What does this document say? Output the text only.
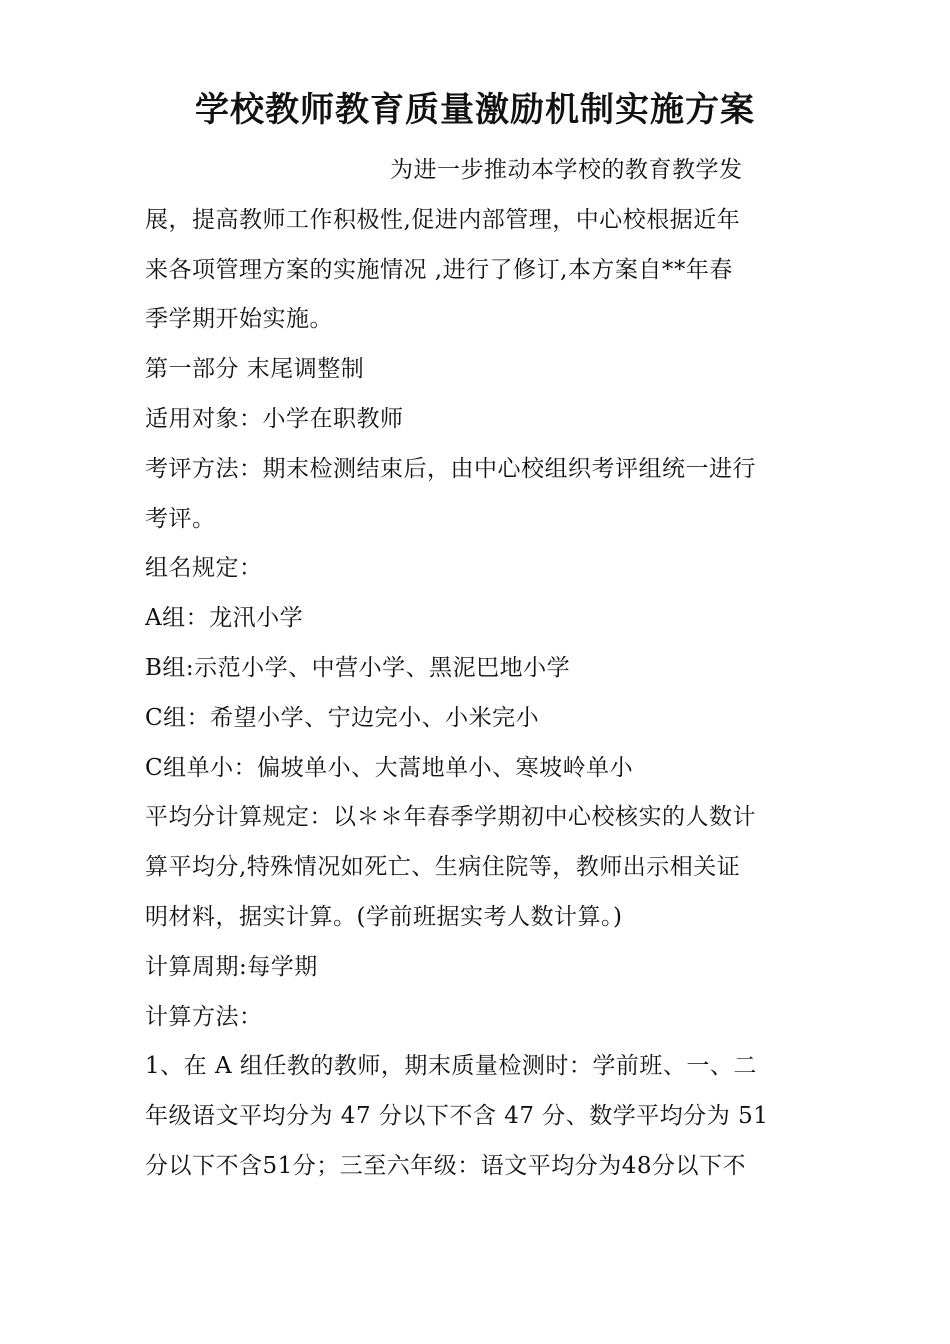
学校教师教育质量激励机制实施方案

为进一步推动本学校的教育教学发

展，提高教师工作积极性,促进内部管理，中心校根据近年

来各项管理方案的实施情况 ,进行了修订,本方案自**年春

季学期开始实施。

第一部分 末尾调整制

适用对象：小学在职教师

考评方法：期末检测结束后，由中心校组织考评组统一进行

考评。

组名规定：

A组：龙汛小学

B组:示范小学、中营小学、黑泥巴地小学

C组：希望小学、宁边完小、小米完小

C组单小：偏坡单小、大蒿地单小、寒坡岭单小

平均分计算规定：以＊＊年春季学期初中心校核实的人数计

算平均分,特殊情况如死亡、生病住院等，教师出示相关证

明材料，据实计算。(学前班据实考人数计算。)

计算周期:每学期

计算方法：

1、在 A 组任教的教师，期末质量检测时：学前班、一、二

年级语文平均分为 47 分以下不含 47 分、数学平均分为 51

分以下不含51分；三至六年级：语文平均分为48分以下不
